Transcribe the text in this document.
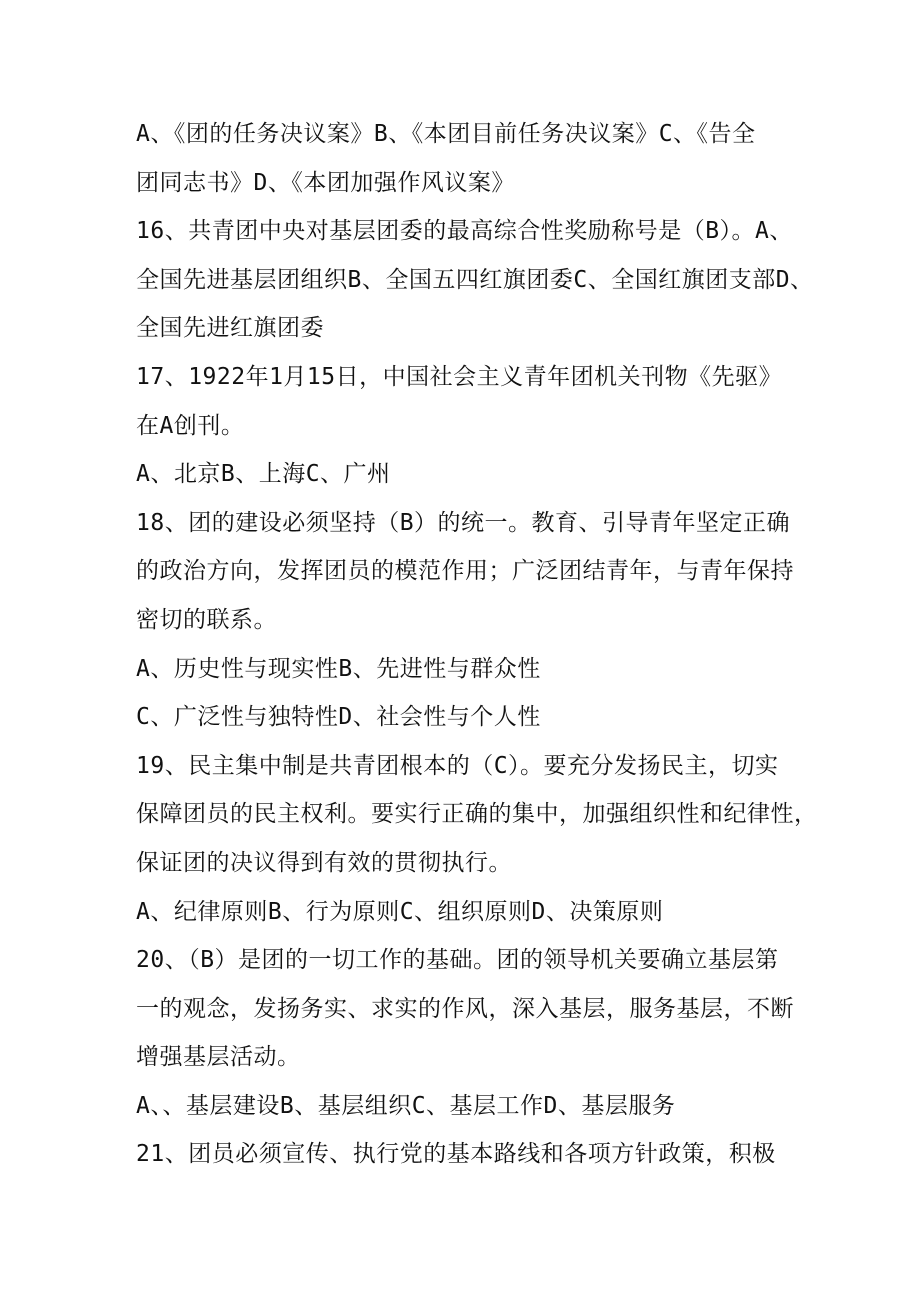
A、《团的任务决议案》B、《本团目前任务决议案》C、《告全
团同志书》D、《本团加强作风议案》
16、共青团中央对基层团委的最高综合性奖励称号是（B）。A、
全国先进基层团组织B、全国五四红旗团委C、全国红旗团支部D、
全国先进红旗团委
17、1922年1月15日，中国社会主义青年团机关刊物《先驱》
在A创刊。
A、北京B、上海C、广州
18、团的建设必须坚持（B）的统一。教育、引导青年坚定正确
的政治方向，发挥团员的模范作用；广泛团结青年，与青年保持
密切的联系。
A、历史性与现实性B、先进性与群众性
C、广泛性与独特性D、社会性与个人性
19、民主集中制是共青团根本的（C）。要充分发扬民主，切实
保障团员的民主权利。要实行正确的集中，加强组织性和纪律性，
保证团的决议得到有效的贯彻执行。
A、纪律原则B、行为原则C、组织原则D、决策原则
20、（B）是团的一切工作的基础。团的领导机关要确立基层第
一的观念，发扬务实、求实的作风，深入基层，服务基层，不断
增强基层活动。
A、、基层建设B、基层组织C、基层工作D、基层服务
21、团员必须宣传、执行党的基本路线和各项方针政策，积极
